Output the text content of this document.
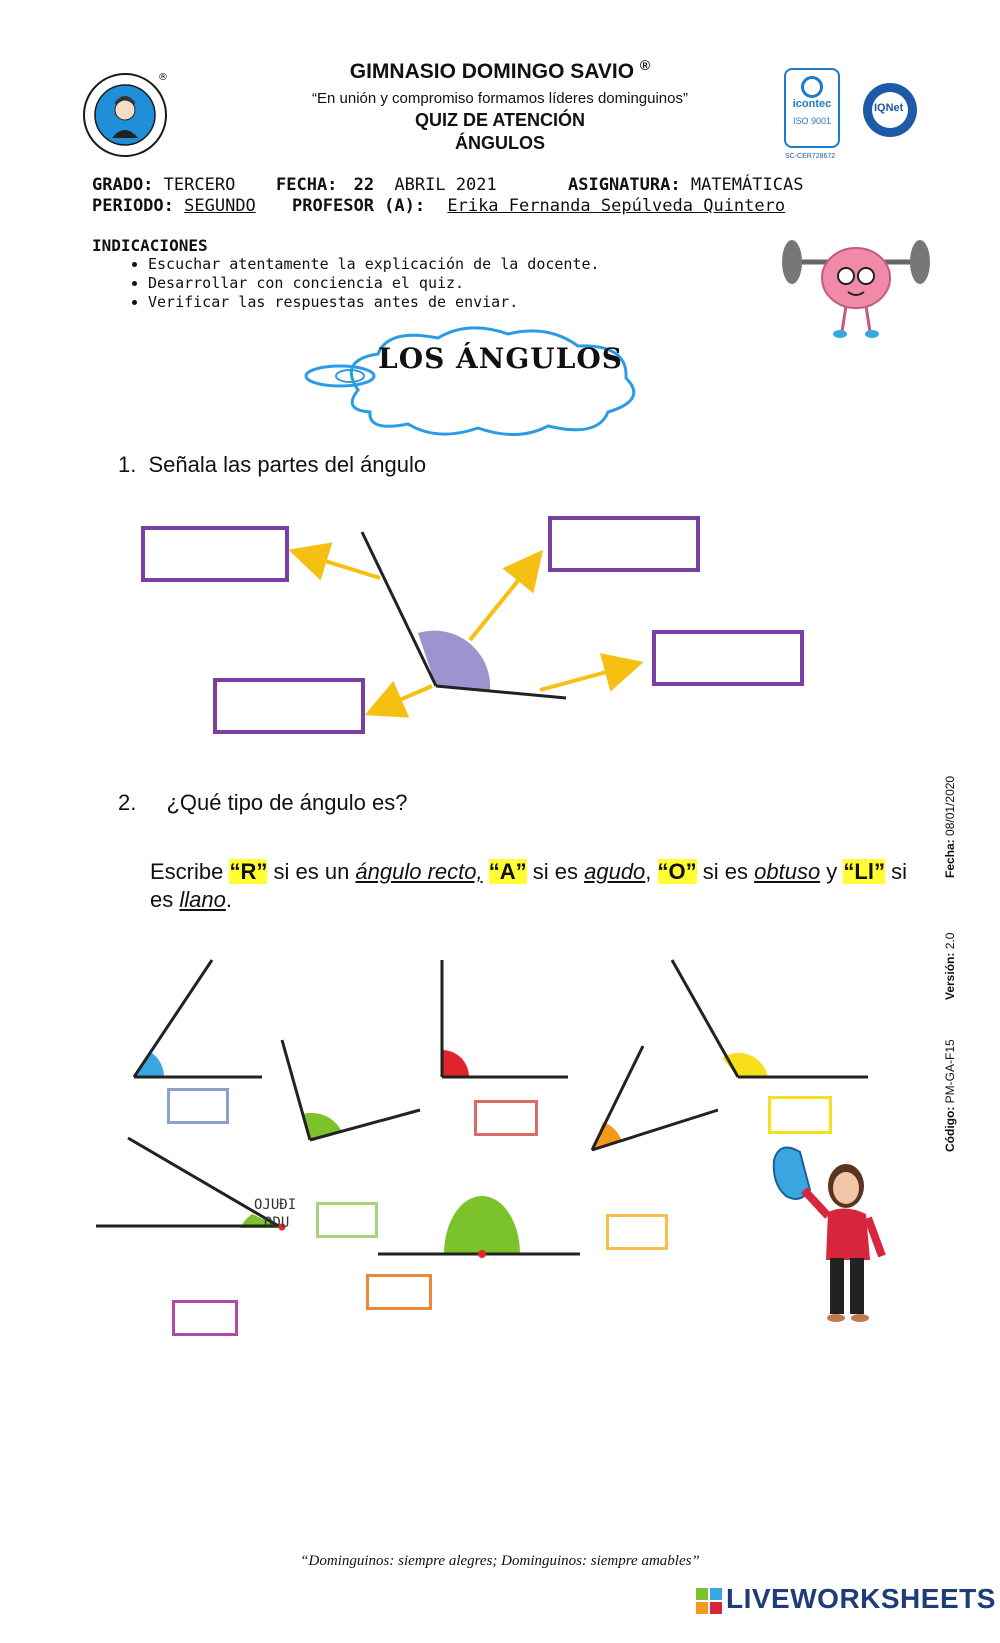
®	GIMNASIO DOMINGO SAVIO ®
“En unión y compromiso formamos líderes dominguinos”
QUIZ DE ATENCIÓN
ÁNGULOS
icontec
ISO 9001
IQNet
SC-CER728672
GRADO: TERCERO FECHA: 22 ABRIL 2021	ASIGNATURA: MATEMÁTICAS
PERIODO: SEGUNDO PROFESOR (A): Erika Fernanda Sepúlveda Quintero
INDICACIONES
• Escuchar atentamente la explicación de la docente.
• Desarrollar con conciencia el quiz.
• Verificar las respuestas antes de enviar.
LOS ÁNGULOS
1. Señala las partes del ángulo
2. ¿Qué tipo de ángulo es?
Escribe “R” si es un ángulo recto, “A” si es agudo, “O” si es obtuso y “Ll” si es llano.
OJUÐI
ODU
Fecha: 08/01/2020
Versión: 2.0
Código: PM-GA-F15
“Dominguinos: siempre alegres; Dominguinos: siempre amables”
LIVEWORKSHEETS
